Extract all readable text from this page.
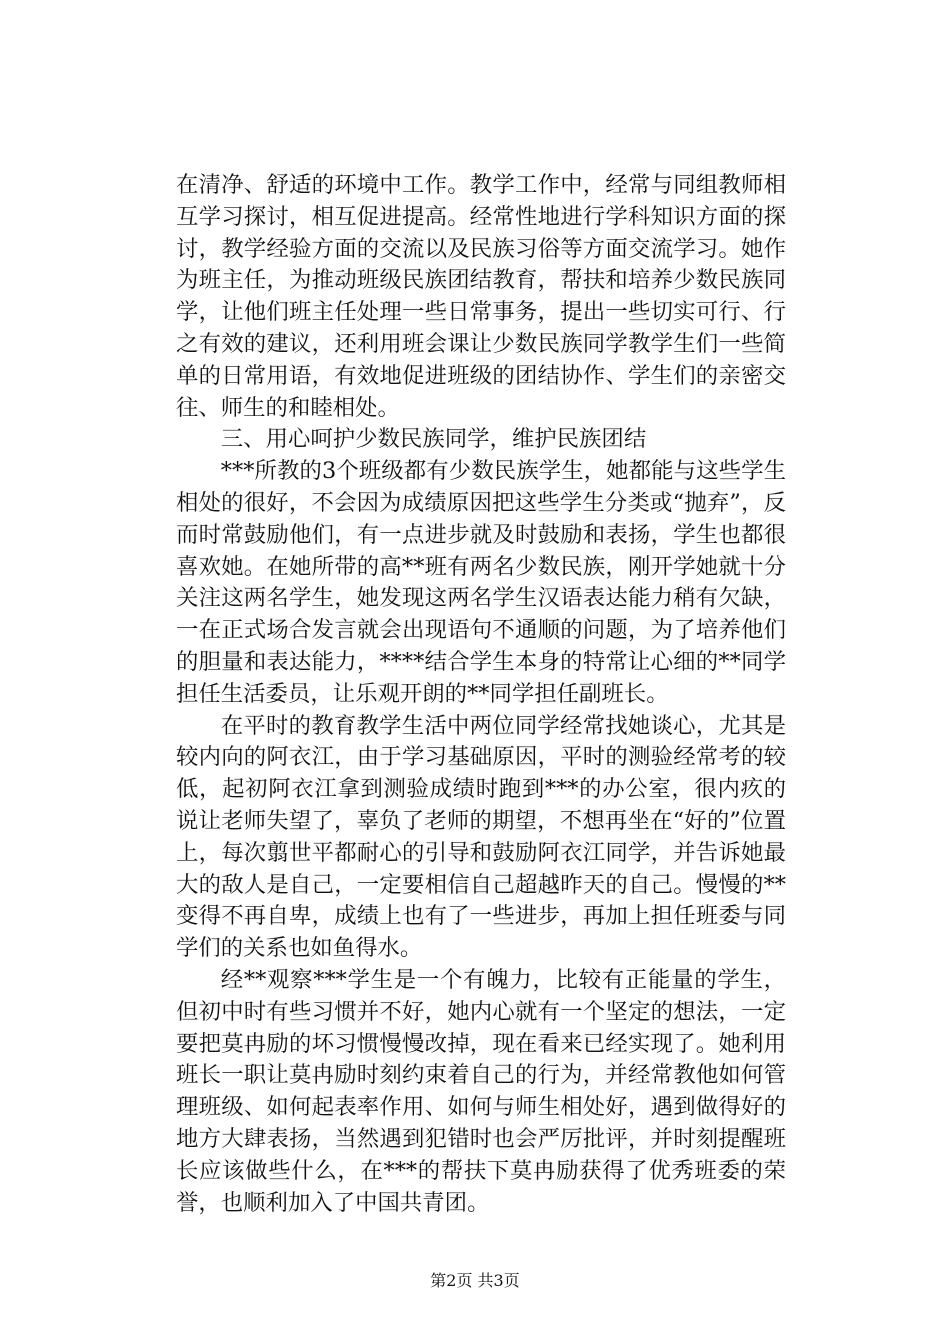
在清净、舒适的环境中工作。教学工作中，经常与同组教师相互学习探讨，相互促进提高。经常性地进行学科知识方面的探讨，教学经验方面的交流以及民族习俗等方面交流学习。她作为班主任，为推动班级民族团结教育，帮扶和培养少数民族同学，让他们班主任处理一些日常事务，提出一些切实可行、行之有效的建议，还利用班会课让少数民族同学教学生们一些简单的日常用语，有效地促进班级的团结协作、学生们的亲密交往、师生的和睦相处。

三、用心呵护少数民族同学，维护民族团结

***所教的3个班级都有少数民族学生，她都能与这些学生相处的很好，不会因为成绩原因把这些学生分类或“抛弃”，反而时常鼓励他们，有一点进步就及时鼓励和表扬，学生也都很喜欢她。在她所带的高**班有两名少数民族，刚开学她就十分关注这两名学生，她发现这两名学生汉语表达能力稍有欠缺，一在正式场合发言就会出现语句不通顺的问题，为了培养他们的胆量和表达能力，****结合学生本身的特常让心细的**同学担任生活委员，让乐观开朗的**同学担任副班长。

在平时的教育教学生活中两位同学经常找她谈心，尤其是较内向的阿衣江，由于学习基础原因，平时的测验经常考的较低，起初阿衣江拿到测验成绩时跑到***的办公室，很内疚的说让老师失望了，辜负了老师的期望，不想再坐在“好的”位置上，每次翦世平都耐心的引导和鼓励阿衣江同学，并告诉她最大的敌人是自己，一定要相信自己超越昨天的自己。慢慢的**变得不再自卑，成绩上也有了一些进步，再加上担任班委与同学们的关系也如鱼得水。

经**观察***学生是一个有魄力，比较有正能量的学生，但初中时有些习惯并不好，她内心就有一个坚定的想法，一定要把莫冉励的坏习惯慢慢改掉，现在看来已经实现了。她利用班长一职让莫冉励时刻约束着自己的行为，并经常教他如何管理班级、如何起表率作用、如何与师生相处好，遇到做得好的地方大肆表扬，当然遇到犯错时也会严厉批评，并时刻提醒班长应该做些什么，在***的帮扶下莫冉励获得了优秀班委的荣誉，也顺利加入了中国共青团。

第2页 共3页
